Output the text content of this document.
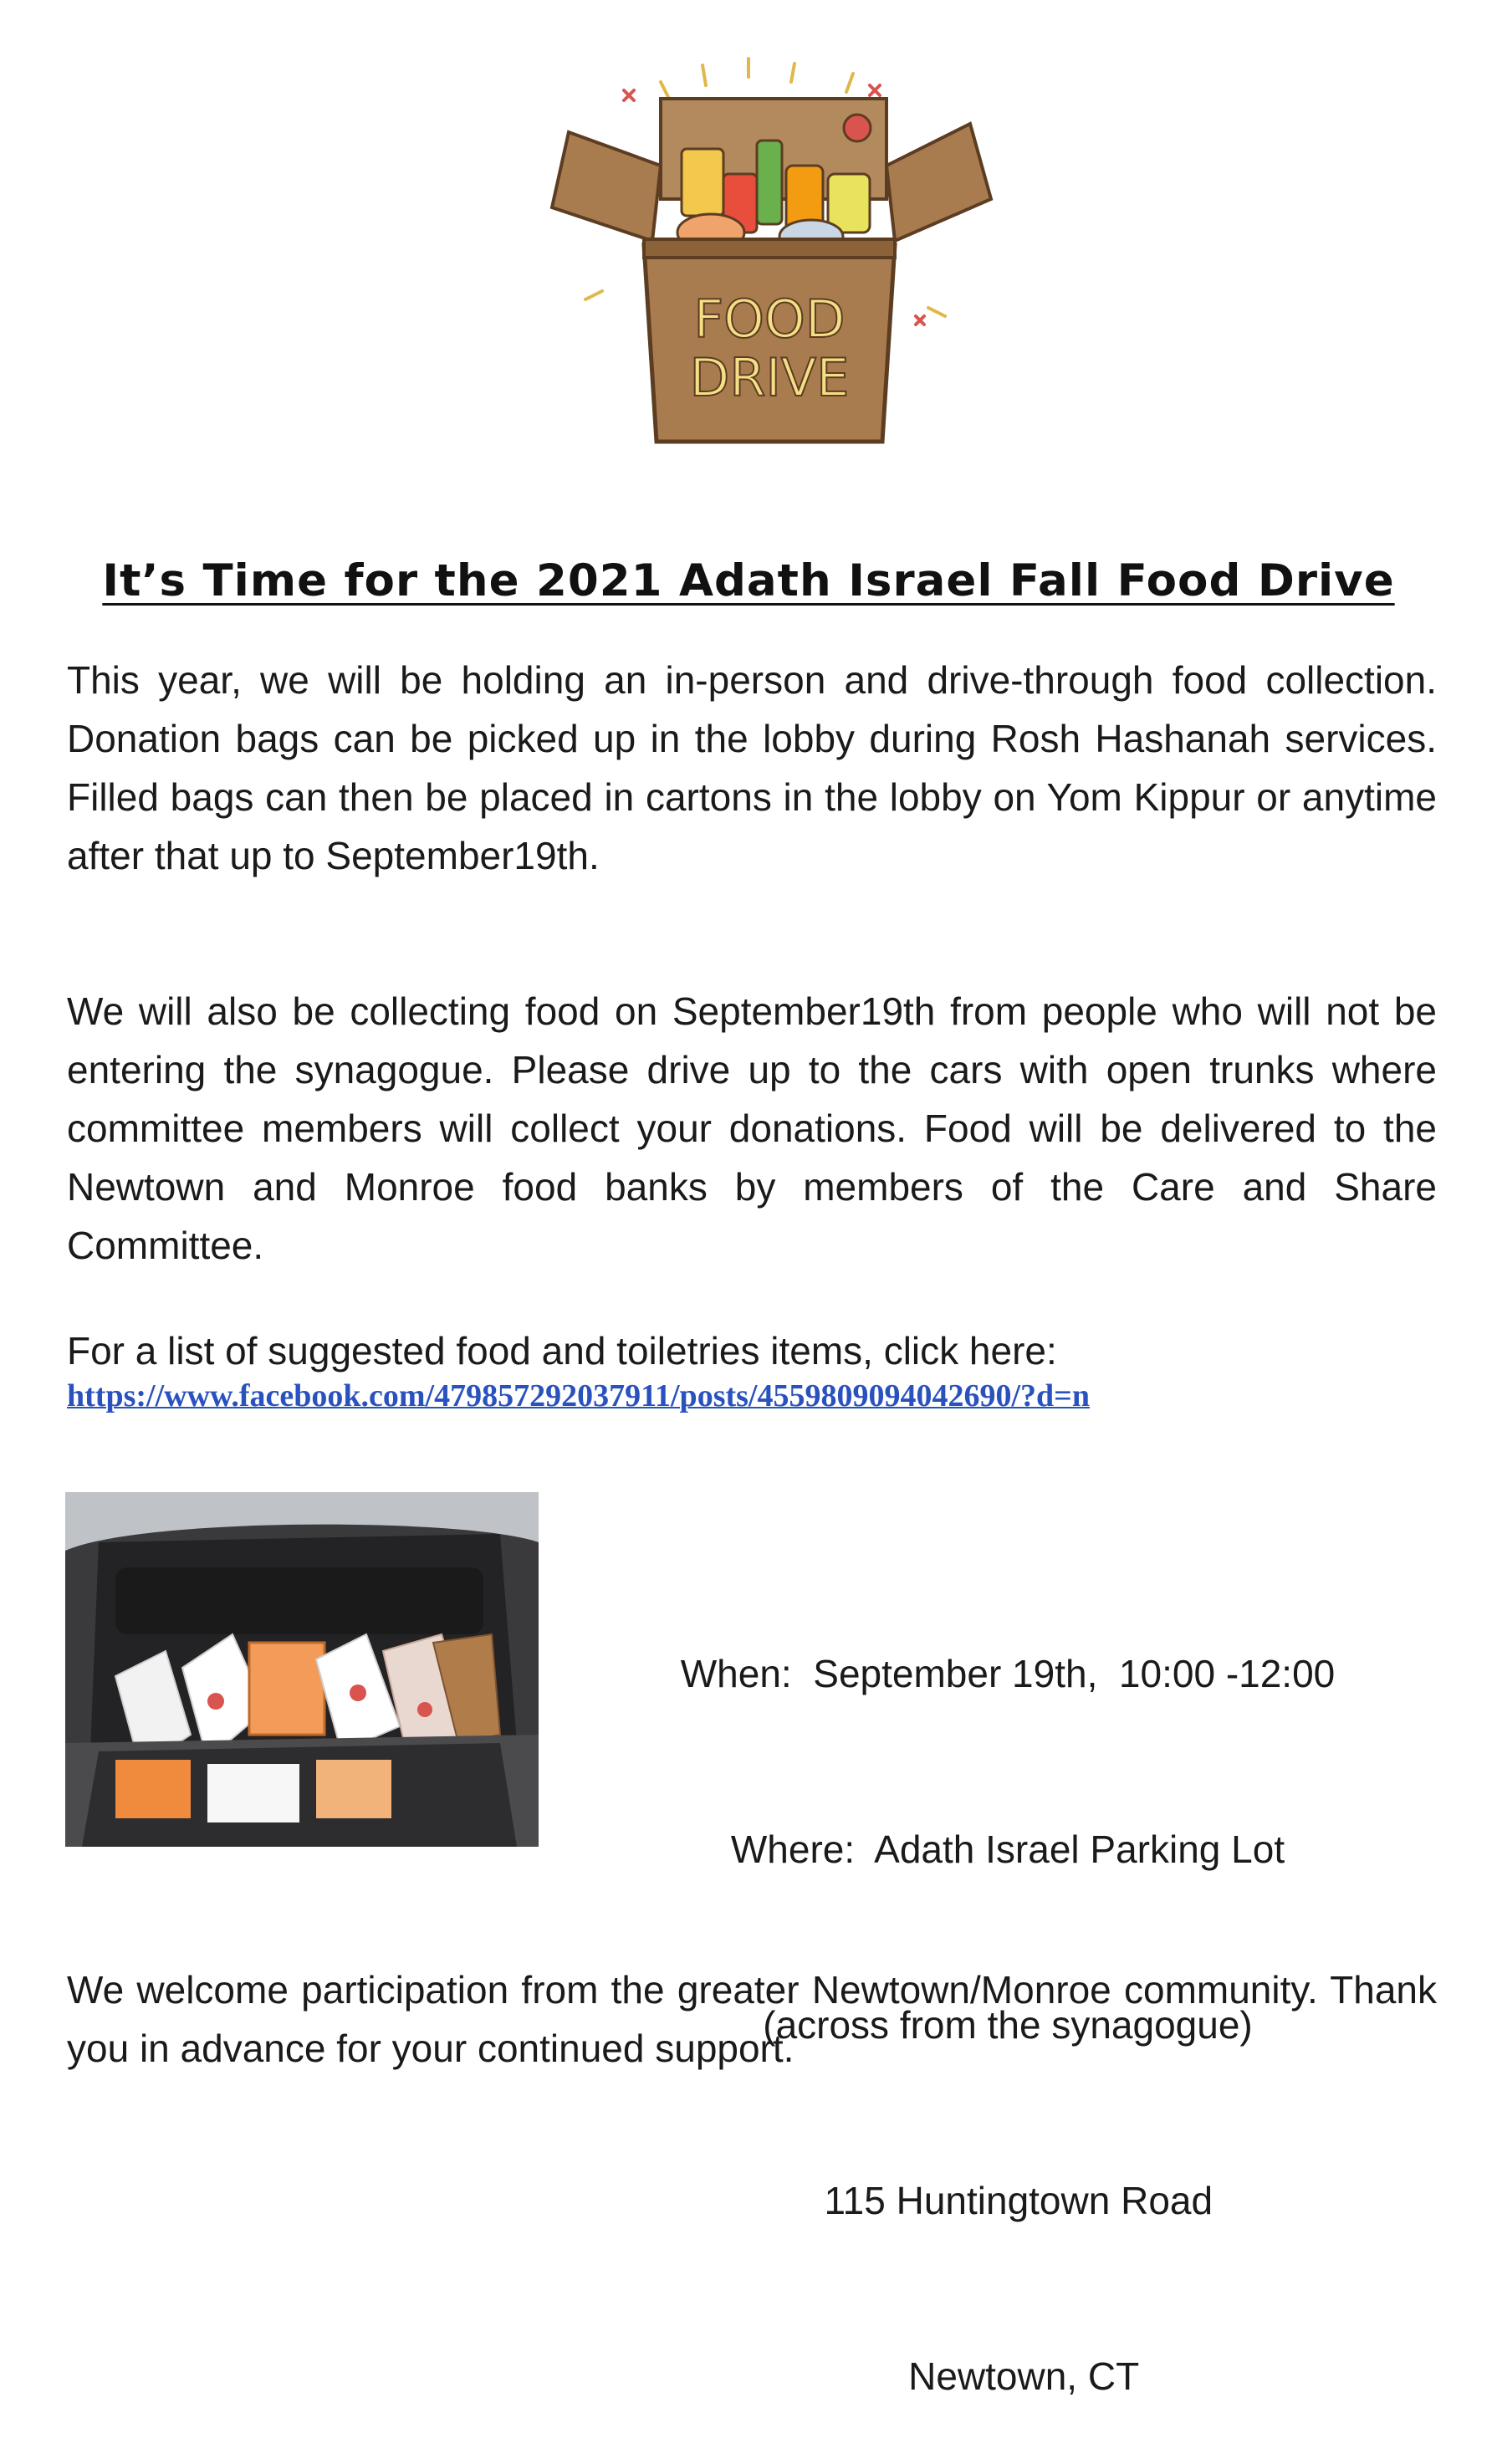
FOOD
DRIVE
It’s Time for the 2021 Adath Israel Fall Food Drive

This year, we will be holding an in-person and drive-through food collection. Donation bags can be picked up in the lobby during Rosh Hashanah services. Filled bags can then be placed in cartons in the lobby on Yom Kippur or anytime after that up to September19th.

We will also be collecting food on September19th from people who will not be entering the synagogue. Please drive up to the cars with open trunks where committee members will collect your donations. Food will be delivered to the Newtown and Monroe food banks by members of the Care and Share Committee.

For a list of suggested food and toiletries items, click here:

https://www.facebook.com/479857292037911/posts/4559809094042690/?d=n

When:  September 19th,  10:00 -12:00

Where:  Adath Israel Parking Lot

(across from the synagogue)

115 Huntingtown Road

Newtown, CT

We welcome participation from the greater Newtown/Monroe community. Thank you in advance for your continued support.
